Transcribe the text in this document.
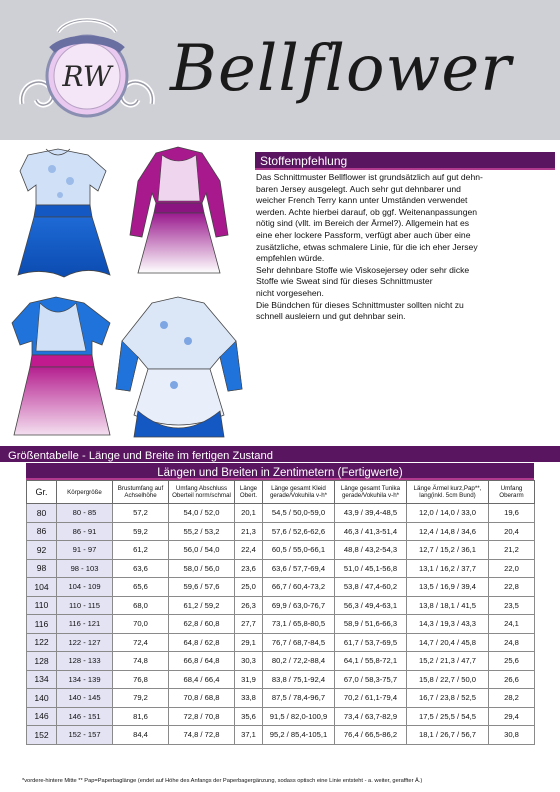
RW Bellflower
Stoffempfehlung

Das Schnittmuster Bellflower ist grundsätzlich auf gut dehn-

baren Jersey ausgelegt. Auch sehr gut dehnbarer und

weicher French Terry kann unter Umständen verwendet

werden. Achte hierbei darauf, ob ggf. Weitenanpassungen

nötig sind (vllt. im Bereich der Ärmel?). Allgemein hat es

eine eher lockere Passform, verfügt aber auch über eine

zusätzliche, etwas schmalere Linie, für die ich eher Jersey

empfehlen würde.

Sehr dehnbare Stoffe wie Viskosejersey oder sehr dicke

Stoffe wie Sweat sind für dieses Schnittmuster

nicht vorgesehen.

Die Bündchen für dieses Schnittmuster sollten nicht zu

schnell ausleiern und gut dehnbar sein.

Größentabelle - Länge und Breite im fertigen Zustand
Längen und Breiten in Zentimetern (Fertigwerte)
Gr.	Körpergröße	Brustumfang auf Achselhöhe	Umfang Abschluss Oberteil norm/schmal	Länge Obert.	Länge gesamt Kleid gerade/Vokuhila v-h*	Länge gesamt Tunika gerade/Vokuhila v-h*	Länge Ärmel kurz,Pap**, lang(inkl. 5cm Bund)	Umfang Oberarm
80	80 - 85	57,2	54,0 / 52,0	20,1	54,5 / 50,0-59,0	43,9 / 39,4-48,5	12,0 / 14,0 / 33,0	19,6
86	86 - 91	59,2	55,2 / 53,2	21,3	57,6 / 52,6-62,6	46,3 / 41,3-51,4	12,4 / 14,8 / 34,6	20,4
92	91 - 97	61,2	56,0 / 54,0	22,4	60,5 / 55,0-66,1	48,8 / 43,2-54,3	12,7 / 15,2 / 36,1	21,2
98	98 - 103	63,6	58,0 / 56,0	23,6	63,6 / 57,7-69,4	51,0 / 45,1-56,8	13,1 / 16,2 / 37,7	22,0
104	104 - 109	65,6	59,6 / 57,6	25,0	66,7 / 60,4-73,2	53,8 / 47,4-60,2	13,5 / 16,9 / 39,4	22,8
110	110 - 115	68,0	61,2 / 59,2	26,3	69,9 / 63,0-76,7	56,3 / 49,4-63,1	13,8 / 18,1 / 41,5	23,5
116	116 - 121	70,0	62,8 / 60,8	27,7	73,1 / 65,8-80,5	58,9 / 51,6-66,3	14,3 / 19,3 / 43,3	24,1
122	122 - 127	72,4	64,8 / 62,8	29,1	76,7 / 68,7-84,5	61,7 / 53,7-69,5	14,7 / 20,4 / 45,8	24,8
128	128 - 133	74,8	66,8 / 64,8	30,3	80,2 / 72,2-88,4	64,1 / 55,8-72,1	15,2 / 21,3 / 47,7	25,6
134	134 - 139	76,8	68,4 / 66,4	31,9	83,8 / 75,1-92,4	67,0 / 58,3-75,7	15,8 / 22,7 / 50,0	26,6
140	140 - 145	79,2	70,8 / 68,8	33,8	87,5 / 78,4-96,7	70,2 / 61,1-79,4	16,7 / 23,8 / 52,5	28,2
146	146 - 151	81,6	72,8 / 70,8	35,6	91,5 / 82,0-100,9	73,4 / 63,7-82,9	17,5 / 25,5 / 54,5	29,4
152	152 - 157	84,4	74,8 / 72,8	37,1	95,2 / 85,4-105,1	76,4 / 66,5-86,2	18,1 / 26,7 / 56,7	30,8
*vordere-hintere Mitte ** Pap=Paperbaglänge (endet auf Höhe des Anfangs der Paperbagergänzung, sodass optisch eine Linie entsteht - a. weiter, geraffter Ä.)
